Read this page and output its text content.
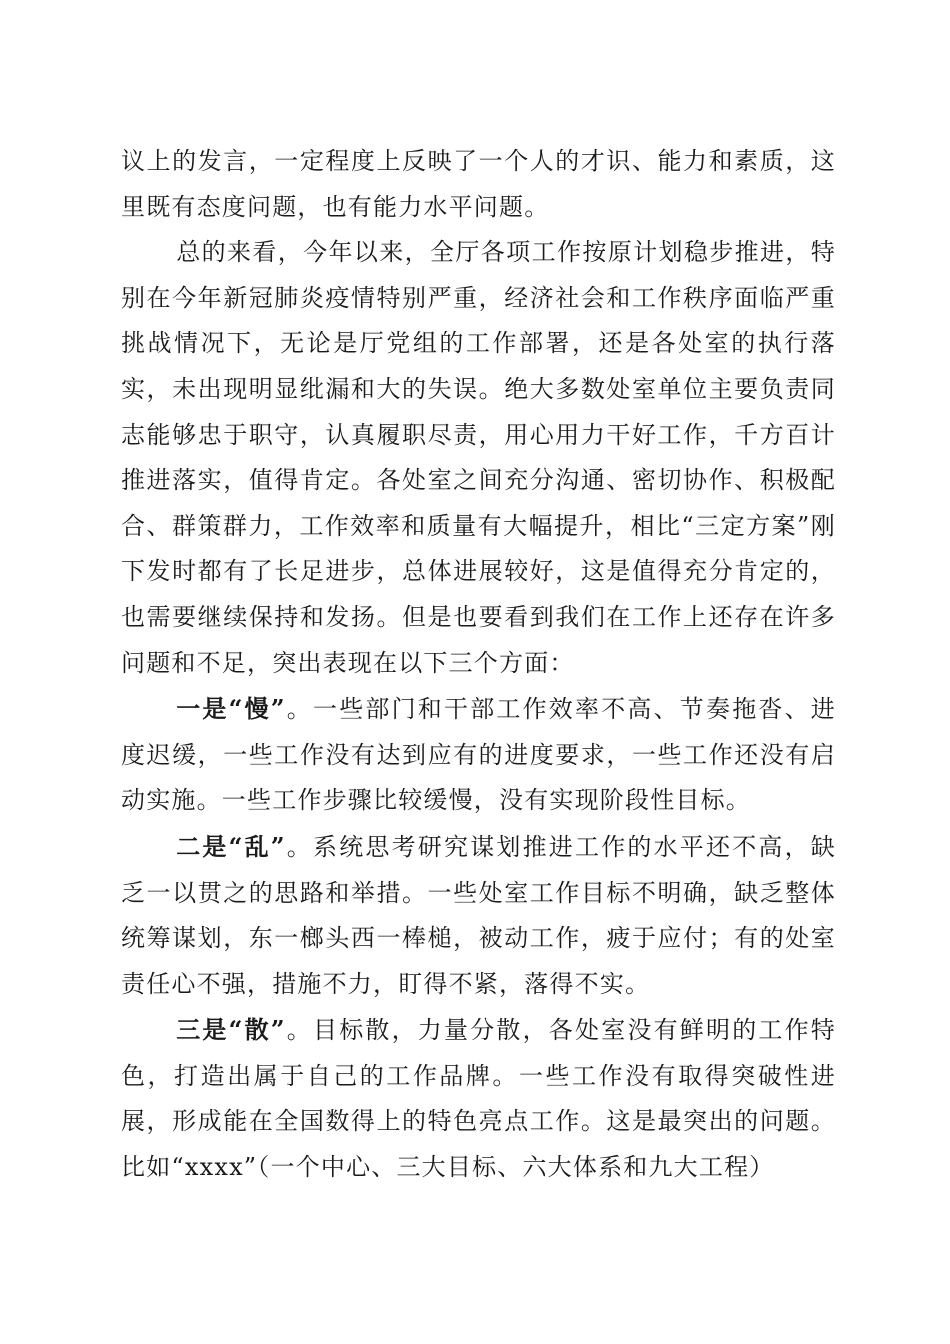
议上的发言，一定程度上反映了一个人的才识、能力和素质，这里既有态度问题，也有能力水平问题。

总的来看，今年以来，全厅各项工作按原计划稳步推进，特别在今年新冠肺炎疫情特别严重，经济社会和工作秩序面临严重挑战情况下，无论是厅党组的工作部署，还是各处室的执行落实，未出现明显纰漏和大的失误。绝大多数处室单位主要负责同志能够忠于职守，认真履职尽责，用心用力干好工作，千方百计推进落实，值得肯定。各处室之间充分沟通、密切协作、积极配合、群策群力，工作效率和质量有大幅提升，相比“三定方案”刚下发时都有了长足进步，总体进展较好，这是值得充分肯定的，也需要继续保持和发扬。但是也要看到我们在工作上还存在许多问题和不足，突出表现在以下三个方面：

一是“慢”。一些部门和干部工作效率不高、节奏拖沓、进度迟缓，一些工作没有达到应有的进度要求，一些工作还没有启动实施。一些工作步骤比较缓慢，没有实现阶段性目标。

二是“乱”。系统思考研究谋划推进工作的水平还不高，缺乏一以贯之的思路和举措。一些处室工作目标不明确，缺乏整体统筹谋划，东一榔头西一棒槌，被动工作，疲于应付；有的处室责任心不强，措施不力，盯得不紧，落得不实。

三是“散”。目标散，力量分散，各处室没有鲜明的工作特色，打造出属于自己的工作品牌。一些工作没有取得突破性进展，形成能在全国数得上的特色亮点工作。这是最突出的问题。比如“xxxx”（一个中心、三大目标、六大体系和九大工程）
